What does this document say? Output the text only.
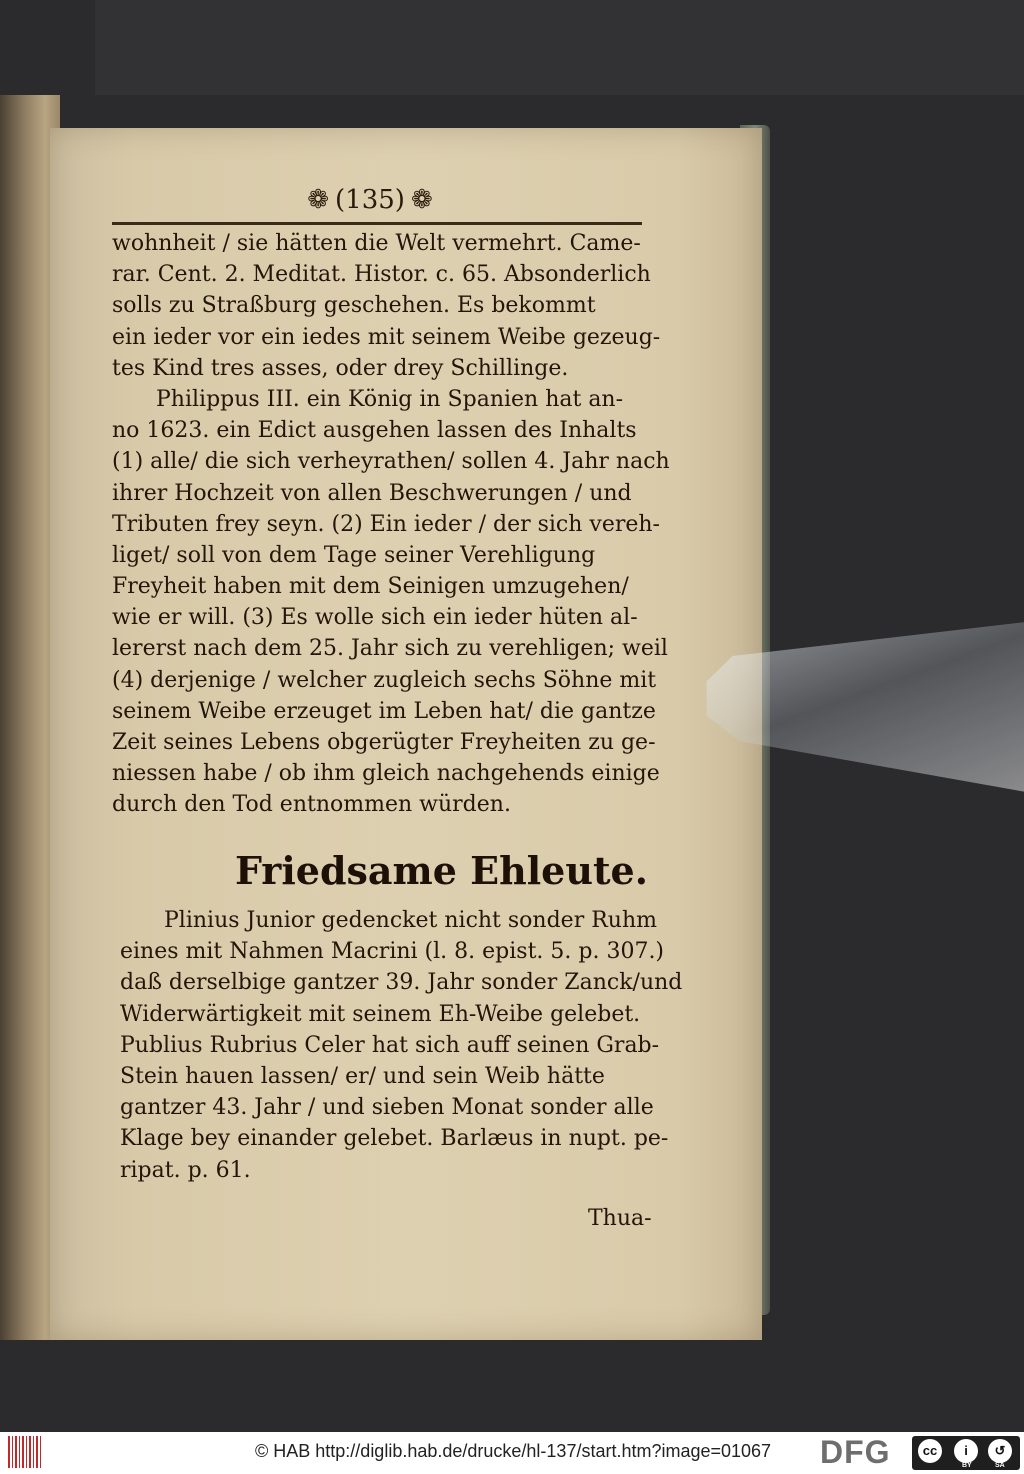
❁ (135) ❁
wohnheit / sie hätten die Welt vermehrt. Came-
rar. Cent. 2. Meditat. Histor. c. 65. Absonderlich
solls zu Straßburg geschehen. Es bekommt
ein ieder vor ein iedes mit seinem Weibe gezeug-
tes Kind tres asses, oder drey Schillinge.
Philippus III. ein König in Spanien hat an-
no 1623. ein Edict ausgehen lassen des Inhalts
(1) alle/ die sich verheyrathen/ sollen 4. Jahr nach
ihrer Hochzeit von allen Beschwerungen / und
Tributen frey seyn. (2) Ein ieder / der sich vereh-
liget/ soll von dem Tage seiner Verehligung
Freyheit haben mit dem Seinigen umzugehen/
wie er will. (3) Es wolle sich ein ieder hüten al-
lererst nach dem 25. Jahr sich zu verehligen; weil
(4) derjenige / welcher zugleich sechs Söhne mit
seinem Weibe erzeuget im Leben hat/ die gantze
Zeit seines Lebens obgerügter Freyheiten zu ge-
niessen habe / ob ihm gleich nachgehends einige
durch den Tod entnommen würden.
Friedsame Ehleute.
Plinius Junior gedencket nicht sonder Ruhm
eines mit Nahmen Macrini (l. 8. epist. 5. p. 307.)
daß derselbige gantzer 39. Jahr sonder Zanck/und
Widerwärtigkeit mit seinem Eh-Weibe gelebet.
Publius Rubrius Celer hat sich auff seinen Grab-
Stein hauen lassen/ er/ und sein Weib hätte
gantzer 43. Jahr / und sieben Monat sonder alle
Klage bey einander gelebet. Barlæus in nupt. pe-
ripat. p. 61.
Thua-
© HAB http://diglib.hab.de/drucke/hl-137/start.htm?image=01067 DFG	cc	i	↺
BY	SA
